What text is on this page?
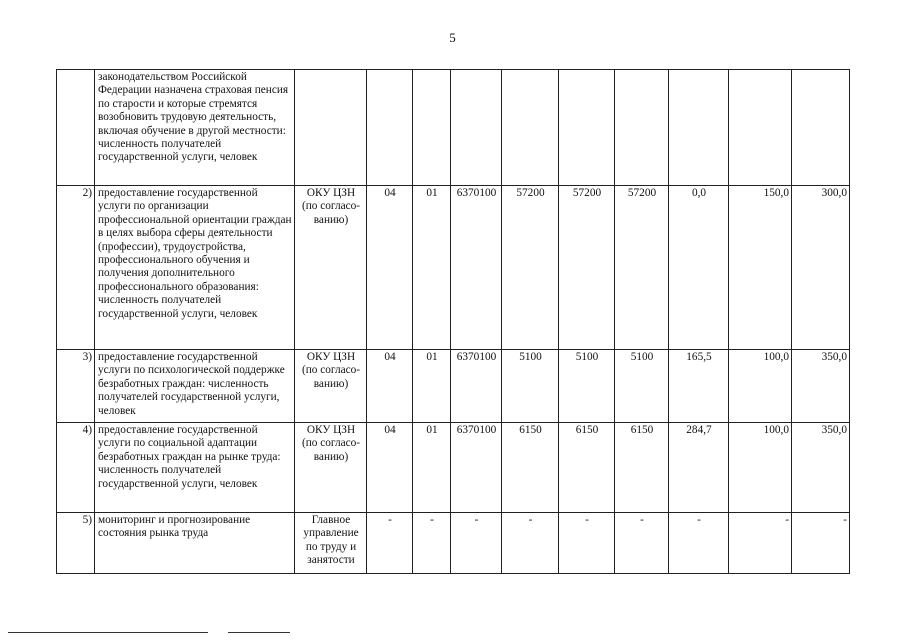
5
	законодательством Российской Федерации назначена страховая пенсия по старости и которые стремятся возобновить трудовую деятельность, включая обучение в другой местности: численность получателей государственной услуги, человек										
2)	предоставление государственной услуги по организации профессиональной ориентации граждан в целях выбора сферы деятельности (профессии), трудоустройства, профессионального обучения и получения дополнительного профессионального образования: численность получателей государственной услуги, человек	ОКУ ЦЗН (по согласо-ванию)	04	01	6370100	57200	57200	57200	0,0	150,0	300,0
3)	предоставление государственной услуги по психологической поддержке безработных граждан: численность получателей государственной услуги, человек	ОКУ ЦЗН (по согласо-ванию)	04	01	6370100	5100	5100	5100	165,5	100,0	350,0
4)	предоставление государственной услуги по социальной адаптации безработных граждан на рынке труда: численность получателей государственной услуги, человек	ОКУ ЦЗН (по согласо-ванию)	04	01	6370100	6150	6150	6150	284,7	100,0	350,0
5)	мониторинг и прогнозирование состояния рынка труда	Главное управление по труду и занятости	-	-	-	-	-	-	-	-	-
